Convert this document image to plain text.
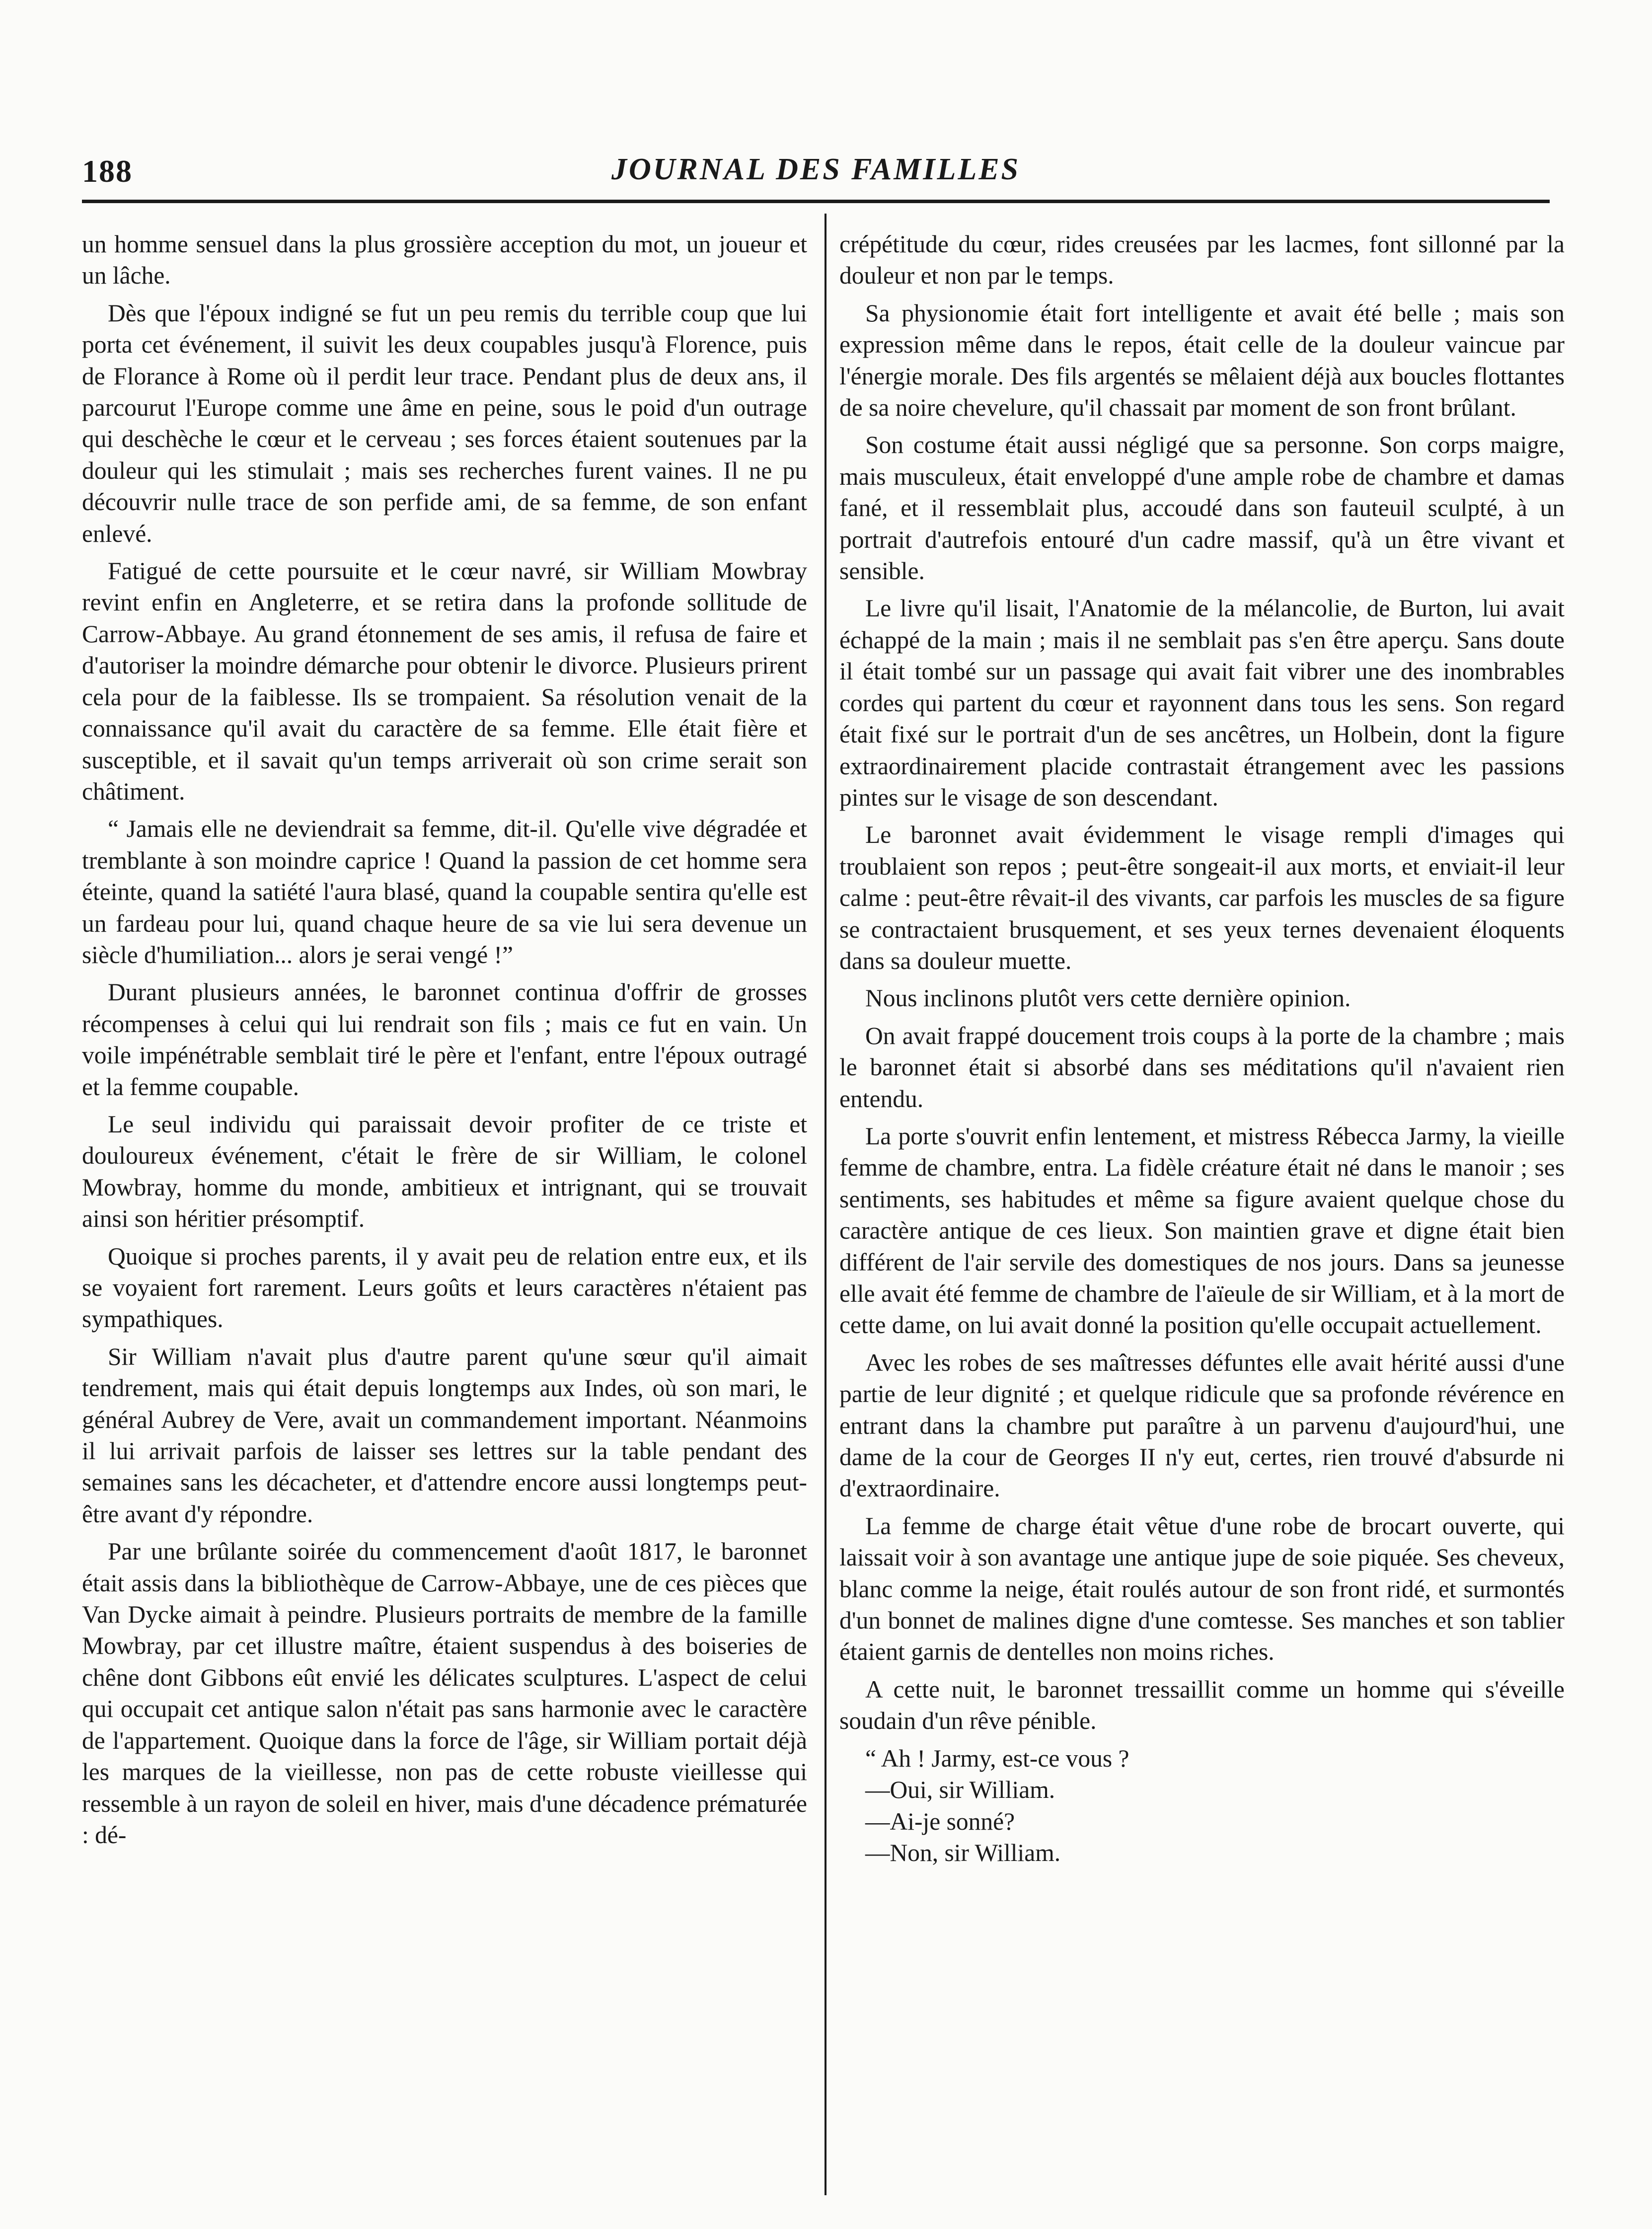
188	JOURNAL DES FAMILLES

un homme sensuel dans la plus grossière acception du mot, un joueur et un lâche.

Dès que l'époux indigné se fut un peu remis du terrible coup que lui porta cet événement, il suivit les deux coupables jusqu'à Florence, puis de Florance à Rome où il perdit leur trace. Pendant plus de deux ans, il parcourut l'Europe comme une âme en peine, sous le poid d'un outrage qui deschèche le cœur et le cerveau ; ses forces étaient soutenues par la douleur qui les stimulait ; mais ses recherches furent vaines. Il ne pu découvrir nulle trace de son perfide ami, de sa femme, de son enfant enlevé.

Fatigué de cette poursuite et le cœur navré, sir William Mowbray revint enfin en Angleterre, et se retira dans la profonde sollitude de Carrow-Abbaye. Au grand étonnement de ses amis, il refusa de faire et d'autoriser la moindre démarche pour obtenir le divorce. Plusieurs prirent cela pour de la faiblesse. Ils se trompaient. Sa résolution venait de la connaissance qu'il avait du caractère de sa femme. Elle était fière et susceptible, et il savait qu'un temps arriverait où son crime serait son châtiment.

“ Jamais elle ne deviendrait sa femme, dit-il. Qu'elle vive dégradée et tremblante à son moindre caprice ! Quand la passion de cet homme sera éteinte, quand la satiété l'aura blasé, quand la coupable sentira qu'elle est un fardeau pour lui, quand chaque heure de sa vie lui sera devenue un siècle d'humiliation... alors je serai vengé !”

Durant plusieurs années, le baronnet continua d'offrir de grosses récompenses à celui qui lui rendrait son fils ; mais ce fut en vain. Un voile impénétrable semblait tiré le père et l'enfant, entre l'époux outragé et la femme coupable.

Le seul individu qui paraissait devoir profiter de ce triste et douloureux événement, c'était le frère de sir William, le colonel Mowbray, homme du monde, ambitieux et intrignant, qui se trouvait ainsi son héritier présomptif.

Quoique si proches parents, il y avait peu de relation entre eux, et ils se voyaient fort rarement. Leurs goûts et leurs caractères n'étaient pas sympathiques.

Sir William n'avait plus d'autre parent qu'une sœur qu'il aimait tendrement, mais qui était depuis longtemps aux Indes, où son mari, le général Aubrey de Vere, avait un commandement important. Néanmoins il lui arrivait parfois de laisser ses lettres sur la table pendant des semaines sans les décacheter, et d'attendre encore aussi longtemps peut-être avant d'y répondre.

Par une brûlante soirée du commencement d'août 1817, le baronnet était assis dans la bibliothèque de Carrow-Abbaye, une de ces pièces que Van Dycke aimait à peindre. Plusieurs portraits de membre de la famille Mowbray, par cet illustre maître, étaient suspendus à des boiseries de chêne dont Gibbons eût envié les délicates sculptures. L'aspect de celui qui occupait cet antique salon n'était pas sans harmonie avec le caractère de l'appartement. Quoique dans la force de l'âge, sir William portait déjà les marques de la vieillesse, non pas de cette robuste vieillesse qui ressemble à un rayon de soleil en hiver, mais d'une décadence prématurée : dé-

crépétitude du cœur, rides creusées par les lacmes, font sillonné par la douleur et non par le temps.

Sa physionomie était fort intelligente et avait été belle ; mais son expression même dans le repos, était celle de la douleur vaincue par l'énergie morale. Des fils argentés se mêlaient déjà aux boucles flottantes de sa noire chevelure, qu'il chassait par moment de son front brûlant.

Son costume était aussi négligé que sa personne. Son corps maigre, mais musculeux, était enveloppé d'une ample robe de chambre et damas fané, et il ressemblait plus, accoudé dans son fauteuil sculpté, à un portrait d'autrefois entouré d'un cadre massif, qu'à un être vivant et sensible.

Le livre qu'il lisait, l'Anatomie de la mélancolie, de Burton, lui avait échappé de la main ; mais il ne semblait pas s'en être aperçu. Sans doute il était tombé sur un passage qui avait fait vibrer une des inombrables cordes qui partent du cœur et rayonnent dans tous les sens. Son regard était fixé sur le portrait d'un de ses ancêtres, un Holbein, dont la figure extraordinairement placide contrastait étrangement avec les passions pintes sur le visage de son descendant.

Le baronnet avait évidemment le visage rempli d'images qui troublaient son repos ; peut-être songeait-il aux morts, et enviait-il leur calme : peut-être rêvait-il des vivants, car parfois les muscles de sa figure se contractaient brusquement, et ses yeux ternes devenaient éloquents dans sa douleur muette.

Nous inclinons plutôt vers cette dernière opinion.

On avait frappé doucement trois coups à la porte de la chambre ; mais le baronnet était si absorbé dans ses méditations qu'il n'avaient rien entendu.

La porte s'ouvrit enfin lentement, et mistress Rébecca Jarmy, la vieille femme de chambre, entra. La fidèle créature était né dans le manoir ; ses sentiments, ses habitudes et même sa figure avaient quelque chose du caractère antique de ces lieux. Son maintien grave et digne était bien différent de l'air servile des domestiques de nos jours. Dans sa jeunesse elle avait été femme de chambre de l'aïeule de sir William, et à la mort de cette dame, on lui avait donné la position qu'elle occupait actuellement.

Avec les robes de ses maîtresses défuntes elle avait hérité aussi d'une partie de leur dignité ; et quelque ridicule que sa profonde révérence en entrant dans la chambre put paraître à un parvenu d'aujourd'hui, une dame de la cour de Georges II n'y eut, certes, rien trouvé d'absurde ni d'extraordinaire.

La femme de charge était vêtue d'une robe de brocart ouverte, qui laissait voir à son avantage une antique jupe de soie piquée. Ses cheveux, blanc comme la neige, était roulés autour de son front ridé, et surmontés d'un bonnet de malines digne d'une comtesse. Ses manches et son tablier étaient garnis de dentelles non moins riches.

A cette nuit, le baronnet tressaillit comme un homme qui s'éveille soudain d'un rêve pénible.

“ Ah ! Jarmy, est-ce vous ?

—Oui, sir William.

—Ai-je sonné?

—Non, sir William.
